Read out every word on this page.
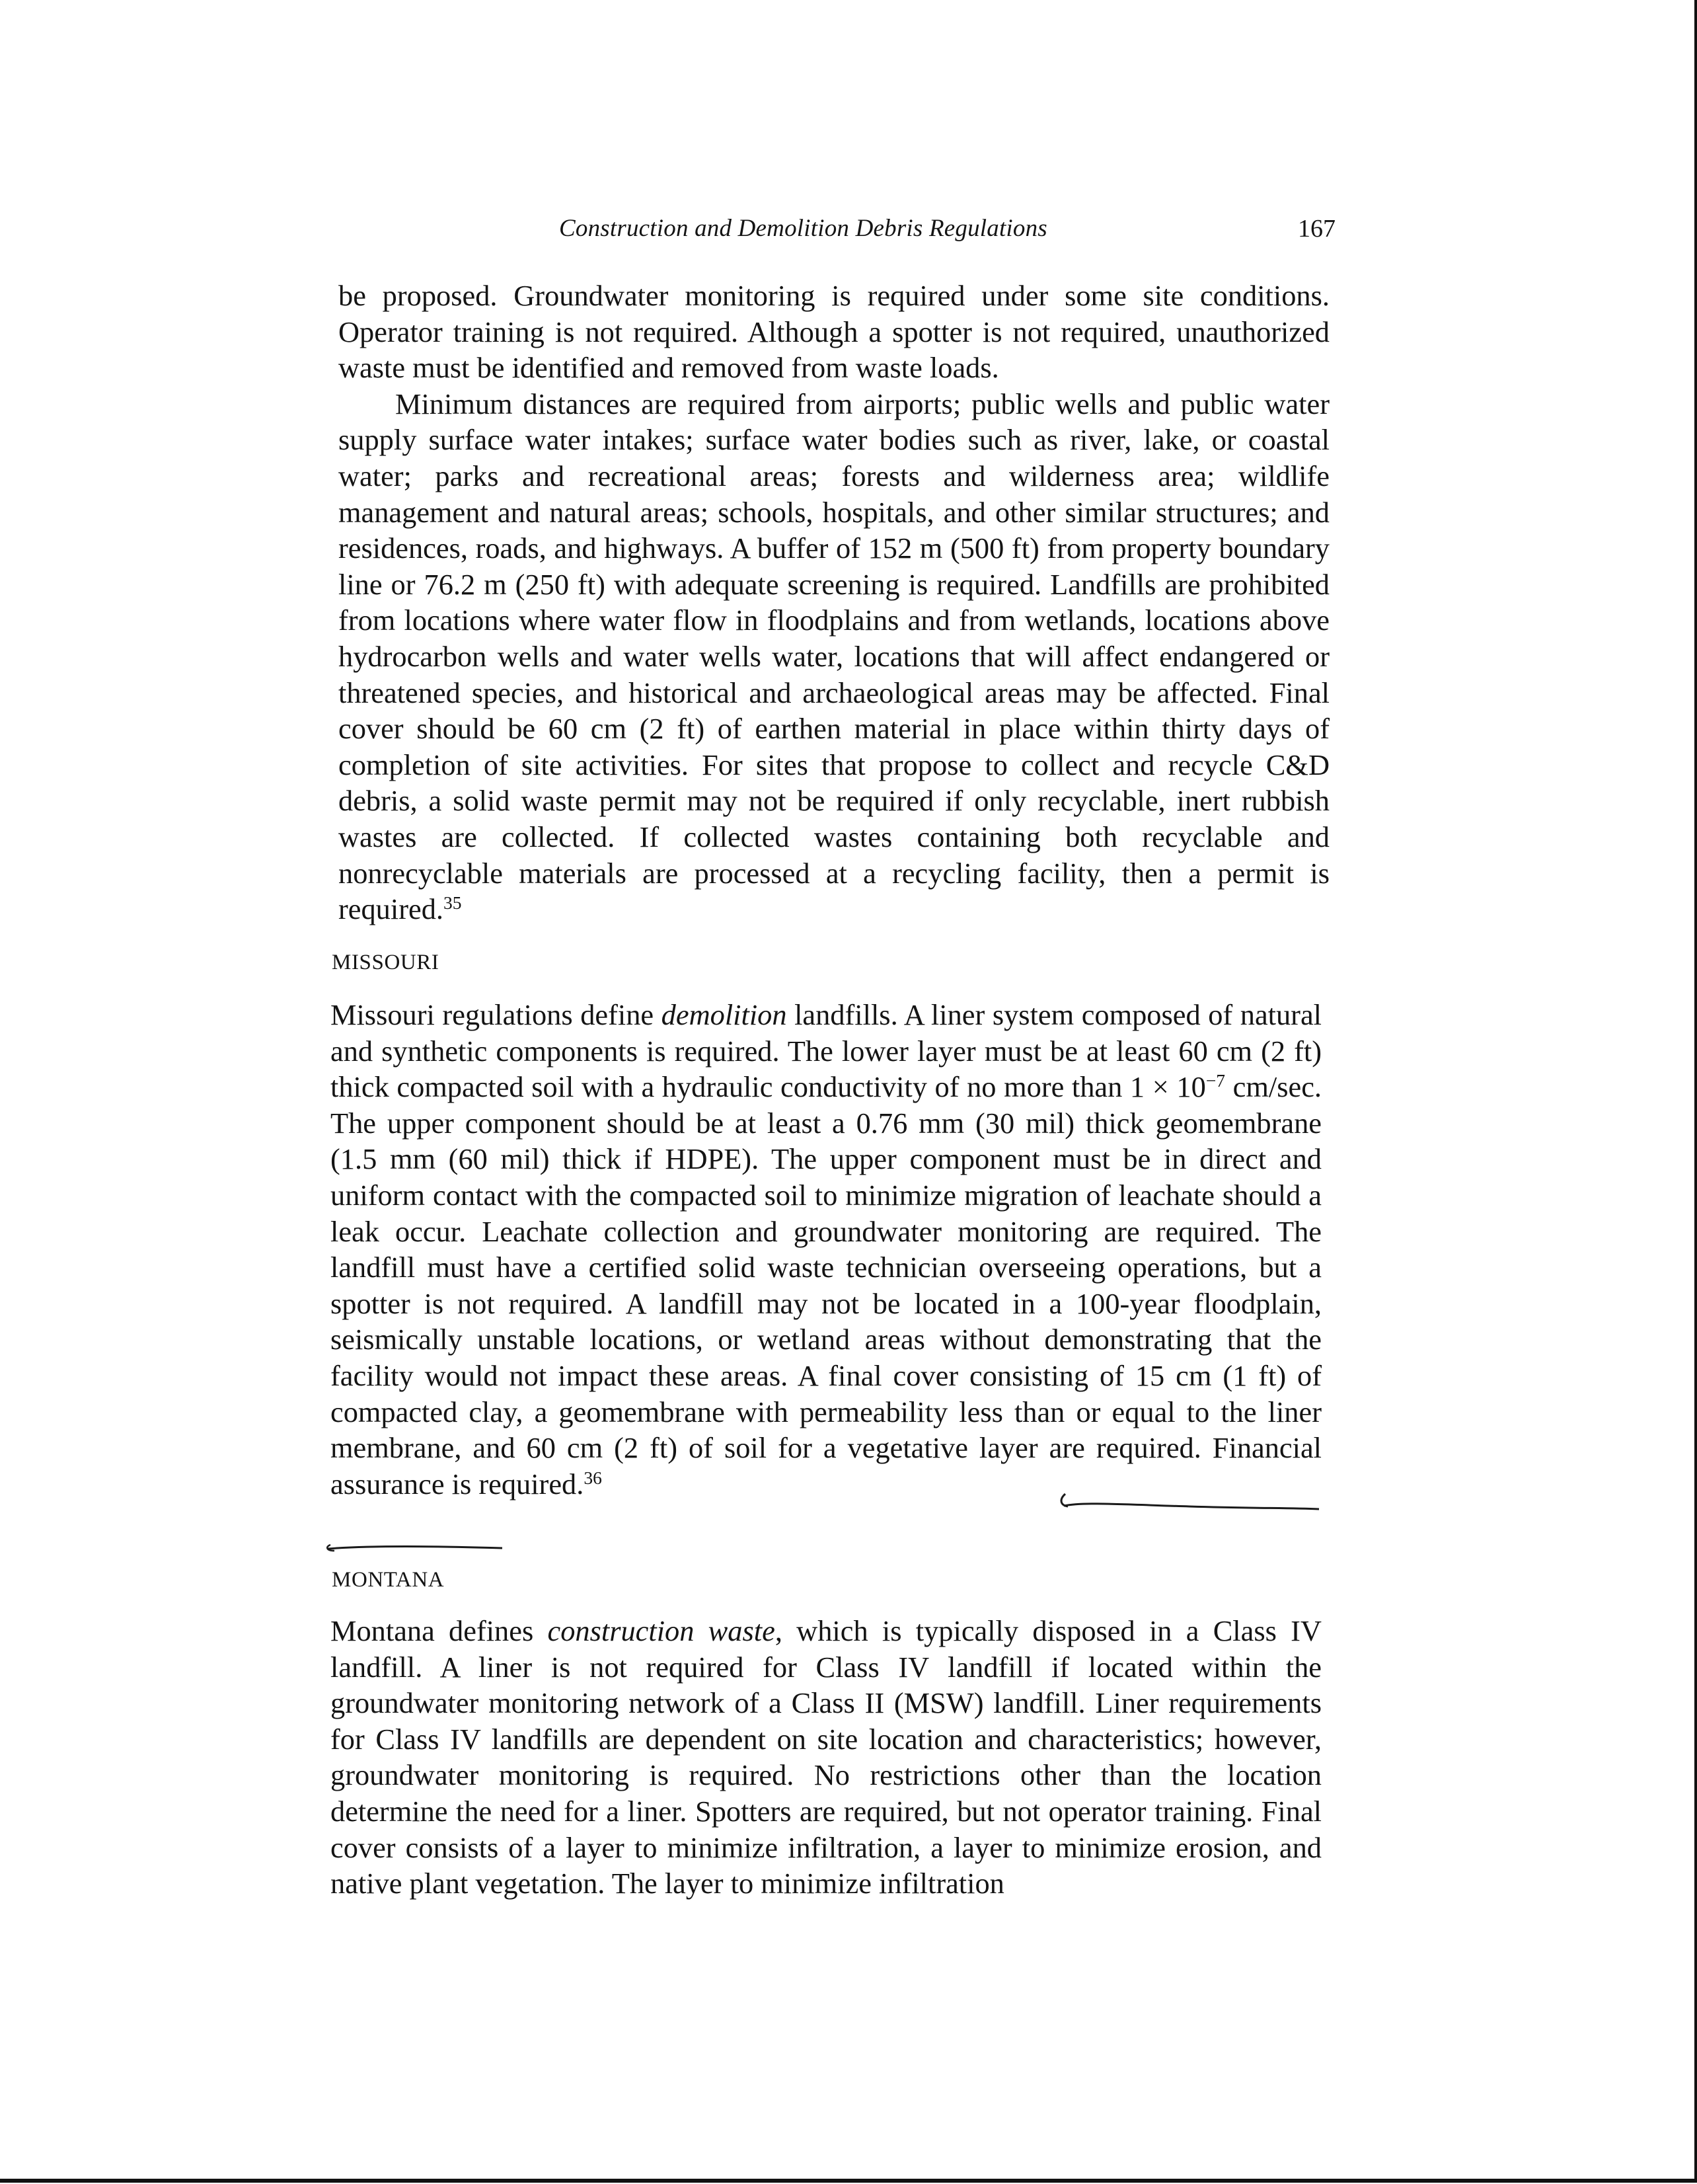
Construction and Demolition Debris Regulations	167

be proposed. Groundwater monitoring is required under some site conditions. Operator training is not required. Although a spotter is not required, unauthorized waste must be identified and removed from waste loads.

Minimum distances are required from airports; public wells and public water supply surface water intakes; surface water bodies such as river, lake, or coastal water; parks and recreational areas; forests and wilderness area; wildlife management and natural areas; schools, hospitals, and other similar structures; and residences, roads, and highways. A buffer of 152 m (500 ft) from property boundary line or 76.2 m (250 ft) with adequate screening is required. Landfills are prohibited from locations where water flow in floodplains and from wetlands, locations above hydrocarbon wells and water wells water, locations that will affect endangered or threatened species, and historical and archaeological areas may be affected. Final cover should be 60 cm (2 ft) of earthen material in place within thirty days of completion of site activities. For sites that propose to collect and recycle C&D debris, a solid waste permit may not be required if only recyclable, inert rubbish wastes are collected. If collected wastes containing both recyclable and nonrecyclable materials are processed at a recycling facility, then a permit is required.$^{35}$

MISSOURI

Missouri regulations define demolition landfills. A liner system composed of natural and synthetic components is required. The lower layer must be at least 60 cm (2 ft) thick compacted soil with a hydraulic conductivity of no more than $1 \times 10^{-7}$ cm/sec. The upper component should be at least a 0.76 mm (30 mil) thick geomembrane (1.5 mm (60 mil) thick if HDPE). The upper component must be in direct and uniform contact with the compacted soil to minimize migration of leachate should a leak occur. Leachate collection and groundwater monitoring are required. The landfill must have a certified solid waste technician overseeing operations, but a spotter is not required. A landfill may not be located in a 100-year floodplain, seismically unstable locations, or wetland areas without demonstrating that the facility would not impact these areas. A final cover consisting of 15 cm (1 ft) of compacted clay, a geomembrane with permeability less than or equal to the liner membrane, and 60 cm (2 ft) of soil for a vegetative layer are required. Financial assurance is required.$^{36}$

MONTANA

Montana defines construction waste, which is typically disposed in a Class IV landfill. A liner is not required for Class IV landfill if located within the groundwater monitoring network of a Class II (MSW) landfill. Liner requirements for Class IV landfills are dependent on site location and characteristics; however, groundwater monitoring is required. No restrictions other than the location determine the need for a liner. Spotters are required, but not operator training. Final cover consists of a layer to minimize infiltration, a layer to minimize erosion, and native plant vegetation. The layer to minimize infiltration
